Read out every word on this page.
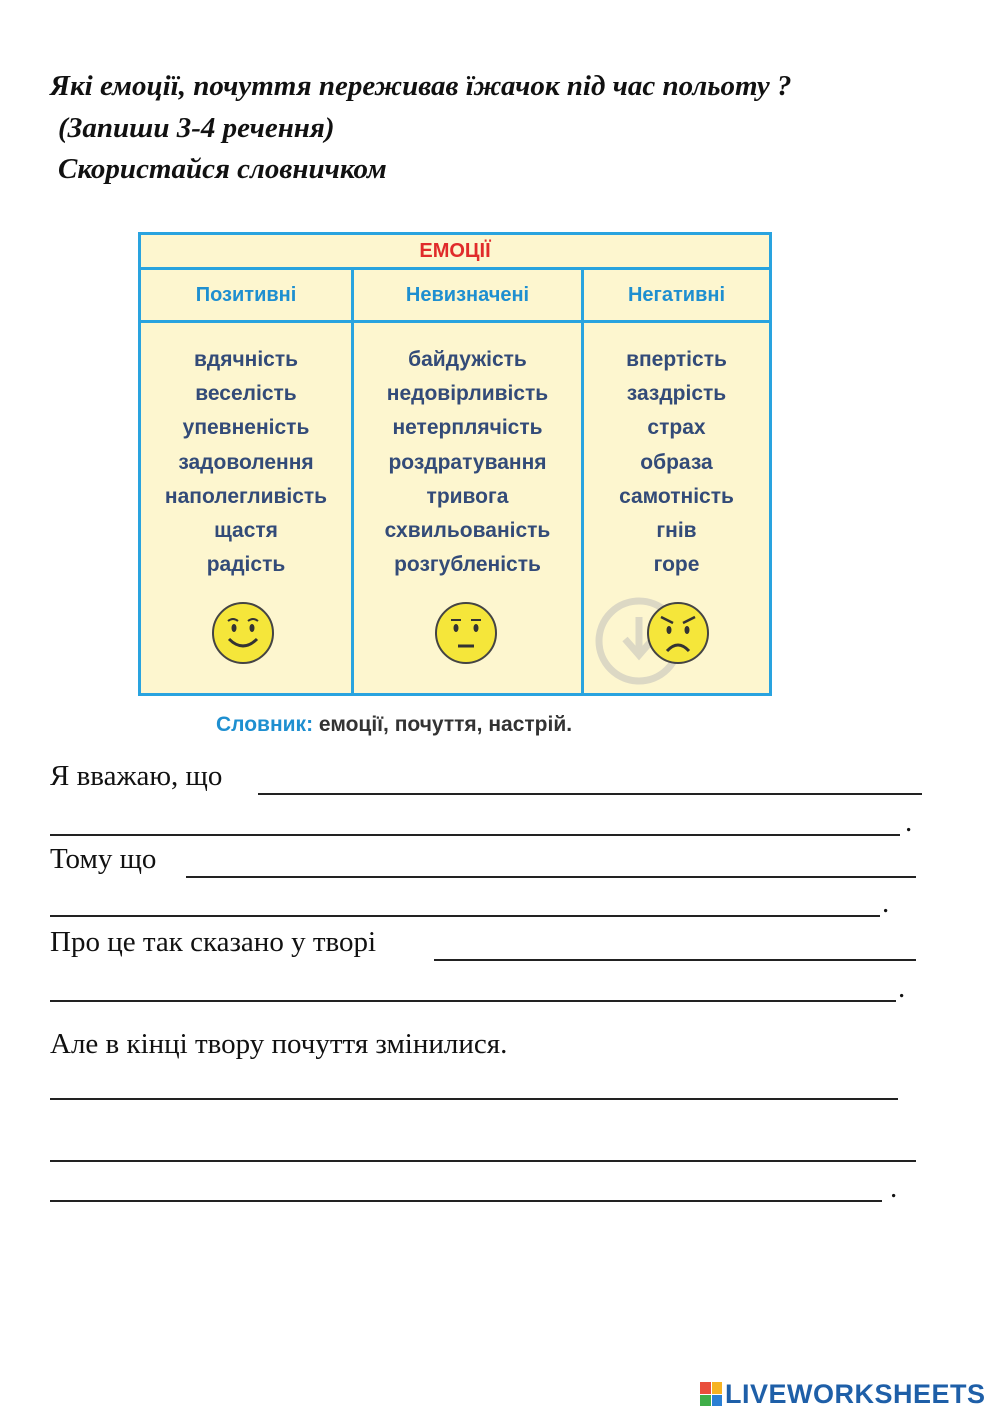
Які емоції, почуття переживав їжачок під час польоту ?
(Запиши 3-4 речення)
Скористайся словничком
ЕМОЦІЇ
Позитивні	Невизначені	Негативні
вдячність
веселість
упевненість
задоволення
наполегливість
щастя
радість
байдужість
недовірливість
нетерплячість
роздратування
тривога
схвильованість
розгубленість
впертість
заздрість
страх
образа
самотність
гнів
горе
Словник: емоції, почуття, настрій.
Я вважаю, що
.
Тому що
.
Про це так сказано у творі
.
Але в кінці твору почуття змінилися.
.
LIVEWORKSHEETS
